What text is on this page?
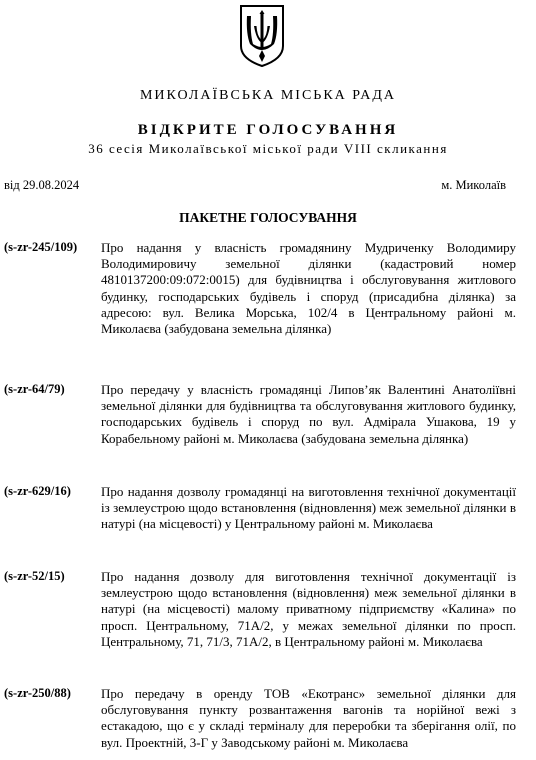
МИКОЛАЇВСЬКА МІСЬКА РАДА
ВІДКРИТЕ ГОЛОСУВАННЯ
36 сесія Миколаївської міської ради VIII скликання
від 29.08.2024	м. Миколаїв
ПАКЕТНЕ ГОЛОСУВАННЯ
(s-zr-245/109) Про надання у власність громадянину Мудриченку Володимиру Володимировичу земельної ділянки (кадастровий номер 4810137200:09:072:0015) для будівництва і обслуговування житлового будинку, господарських будівель і споруд (присадибна ділянка) за адресою: вул. Велика Морська, 102/4 в Центральному районі м. Миколаєва (забудована земельна ділянка)
(s-zr-64/79)	Про передачу у власність громадянці Липов’як Валентині Анатоліївні земельної ділянки для будівництва та обслуговування житлового будинку, господарських будівель і споруд по вул. Адмірала Ушакова, 19 у Корабельному районі м. Миколаєва (забудована земельна ділянка)
(s-zr-629/16) Про надання дозволу громадянці на виготовлення технічної документації із землеустрою щодо встановлення (відновлення) меж земельної ділянки в натурі (на місцевості) у Центральному районі м. Миколаєва
(s-zr-52/15)	Про надання дозволу для виготовлення технічної документації із землеустрою щодо встановлення (відновлення) меж земельної ділянки в натурі (на місцевості) малому приватному підприємству «Калина» по просп. Центральному, 71А/2, у межах земельної ділянки по просп. Центральному, 71, 71/3, 71А/2, в Центральному районі м. Миколаєва
(s-zr-250/88) Про передачу в оренду ТОВ «Екотранс» земельної ділянки для обслуговування пункту розвантаження вагонів та норійної вежі з естакадою, що є у складі терміналу для переробки та зберігання олії, по вул. Проектній, 3-Г у Заводському районі м. Миколаєва
